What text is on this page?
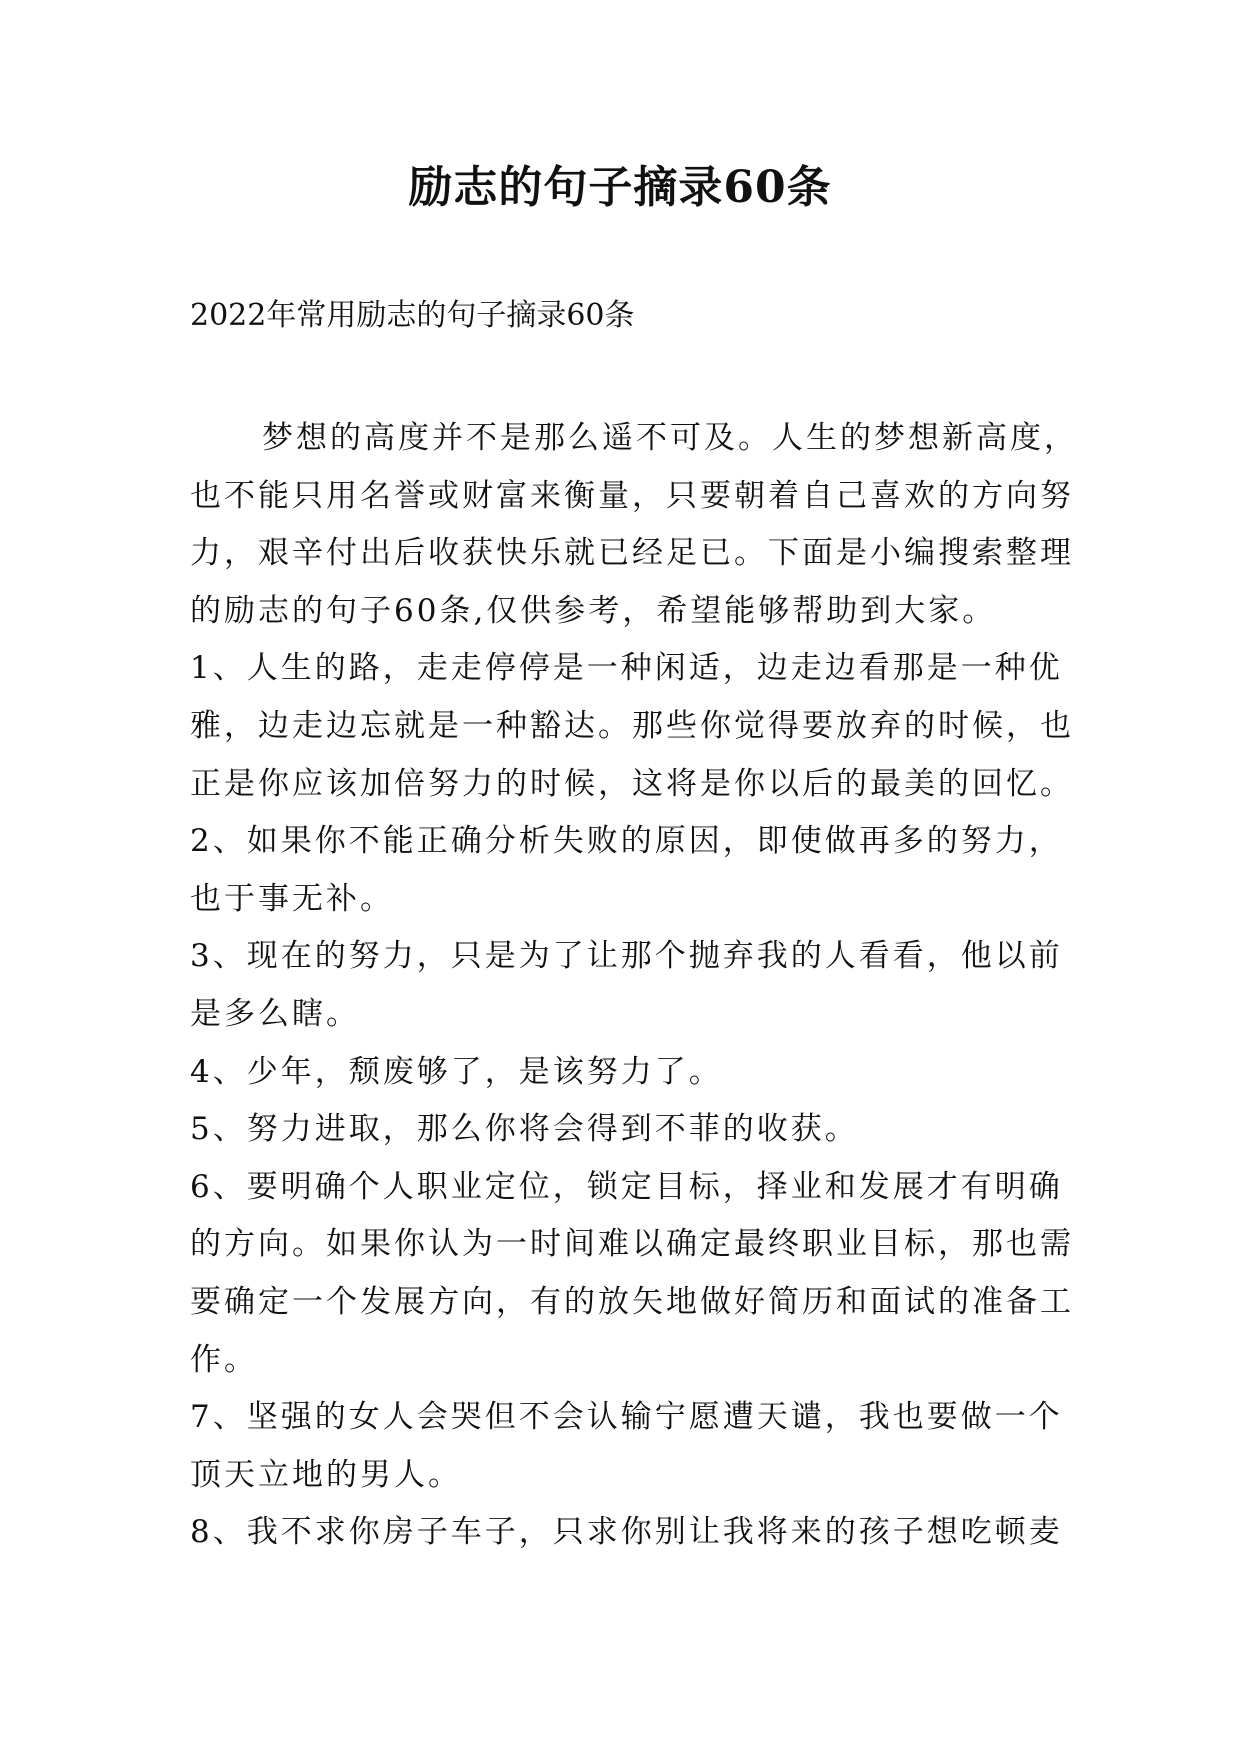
励志的句子摘录60条
2022年常用励志的句子摘录60条
梦想的高度并不是那么遥不可及。人生的梦想新高度，
也不能只用名誉或财富来衡量，只要朝着自己喜欢的方向努
力，艰辛付出后收获快乐就已经足已。下面是小编搜索整理
的励志的句子60条,仅供参考，希望能够帮助到大家。
1、人生的路，走走停停是一种闲适，边走边看那是一种优
雅，边走边忘就是一种豁达。那些你觉得要放弃的时候，也
正是你应该加倍努力的时候，这将是你以后的最美的回忆。
2、如果你不能正确分析失败的原因，即使做再多的努力，
也于事无补。
3、现在的努力，只是为了让那个抛弃我的人看看，他以前
是多么瞎。
4、少年，颓废够了，是该努力了。
5、努力进取，那么你将会得到不菲的收获。
6、要明确个人职业定位，锁定目标，择业和发展才有明确
的方向。如果你认为一时间难以确定最终职业目标，那也需
要确定一个发展方向，有的放矢地做好简历和面试的准备工
作。
7、坚强的女人会哭但不会认输宁愿遭天谴，我也要做一个
顶天立地的男人。
8、我不求你房子车子，只求你别让我将来的孩子想吃顿麦
